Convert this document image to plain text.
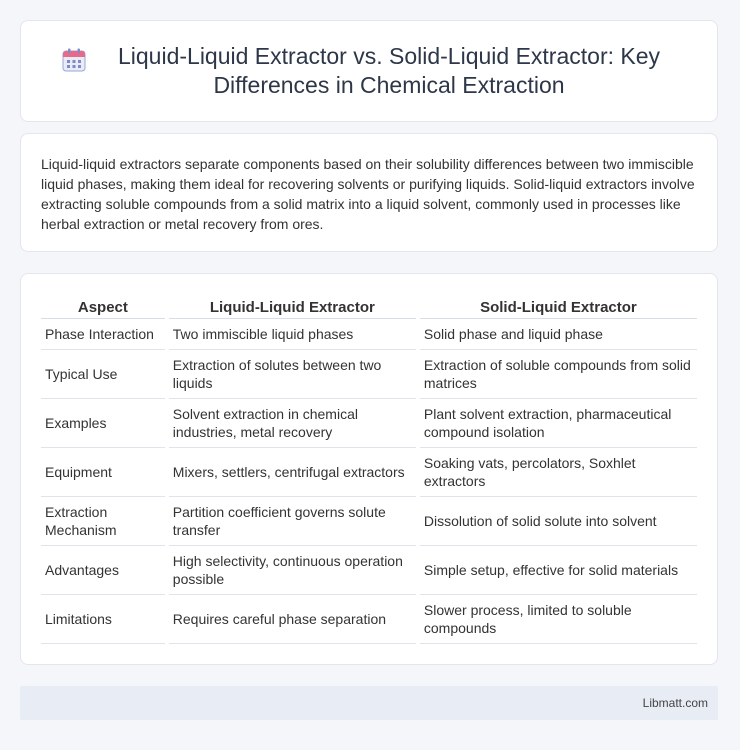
Liquid-Liquid Extractor vs. Solid-Liquid Extractor: Key Differences in Chemical Extraction

Liquid-liquid extractors separate components based on their solubility differences between two immiscible liquid phases, making them ideal for recovering solvents or purifying liquids. Solid-liquid extractors involve extracting soluble compounds from a solid matrix into a liquid solvent, commonly used in processes like herbal extraction or metal recovery from ores.

Aspect	Liquid-Liquid Extractor	Solid-Liquid Extractor
Phase Interaction	Two immiscible liquid phases	Solid phase and liquid phase
Typical Use	Extraction of solutes between two liquids	Extraction of soluble compounds from solid matrices
Examples	Solvent extraction in chemical industries, metal recovery	Plant solvent extraction, pharmaceutical compound isolation
Equipment	Mixers, settlers, centrifugal extractors	Soaking vats, percolators, Soxhlet extractors
Extraction Mechanism	Partition coefficient governs solute transfer	Dissolution of solid solute into solvent
Advantages	High selectivity, continuous operation possible	Simple setup, effective for solid materials
Limitations	Requires careful phase separation	Slower process, limited to soluble compounds
Libmatt.com
